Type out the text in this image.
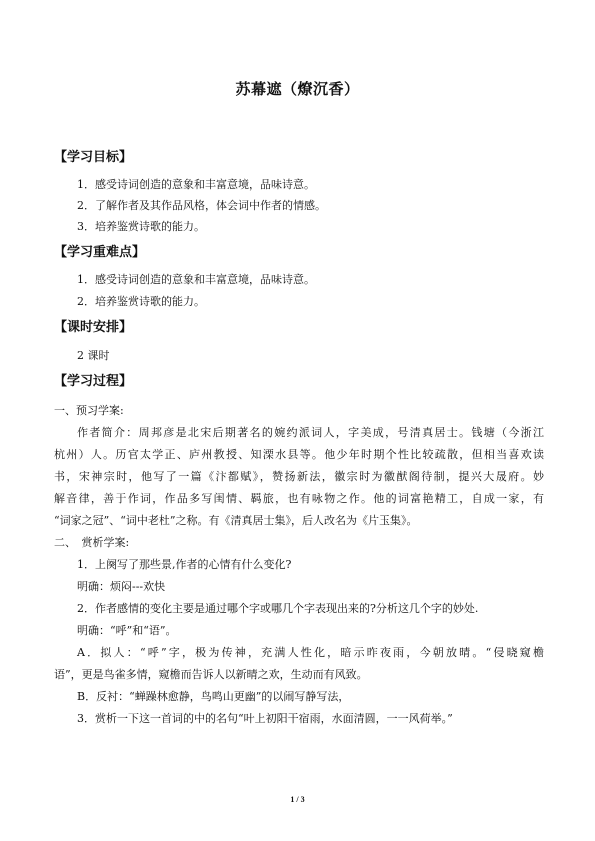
苏幕遮（燎沉香）
【学习目标】
1．感受诗词创造的意象和丰富意境，品味诗意。
2．了解作者及其作品风格，体会词中作者的情感。
3．培养鉴赏诗歌的能力。
【学习重难点】
1．感受诗词创造的意象和丰富意境，品味诗意。
2．培养鉴赏诗歌的能力。
【课时安排】
2 课时
【学习过程】
一、预习学案:
作者简介：周邦彦是北宋后期著名的婉约派词人，字美成，号清真居士。钱塘（今浙江
杭州）人。历官太学正、庐州教授、知溧水县等。他少年时期个性比较疏散，但相当喜欢读
书，宋神宗时，他写了一篇《汴都赋》，赞扬新法，徽宗时为徽猷阁待制，提兴大晟府。妙
解音律，善于作词，作品多写闺情、羁旅，也有咏物之作。他的词富艳精工，自成一家，有
“词家之冠”、“词中老杜”之称。有《清真居士集》，后人改名为《片玉集》。
二、　赏析学案:
1．上阕写了那些景,作者的心情有什么变化?
明确：烦闷---欢快
2．作者感情的变化主要是通过哪个字或哪几个字表现出来的?分析这几个字的妙处.
明确：“呼”和“语”。
A．拟人：“呼”字，极为传神，充满人性化，暗示昨夜雨，今朝放晴。“侵晓窥檐
语”，更是鸟雀多情，窥檐而告诉人以新晴之欢，生动而有风致。
B．反衬：“蝉躁林愈静，鸟鸣山更幽”的以闹写静写法，
3．赏析一下这一首词的中的名句“叶上初阳干宿雨，水面清圆，一一风荷举。”
1 / 3
